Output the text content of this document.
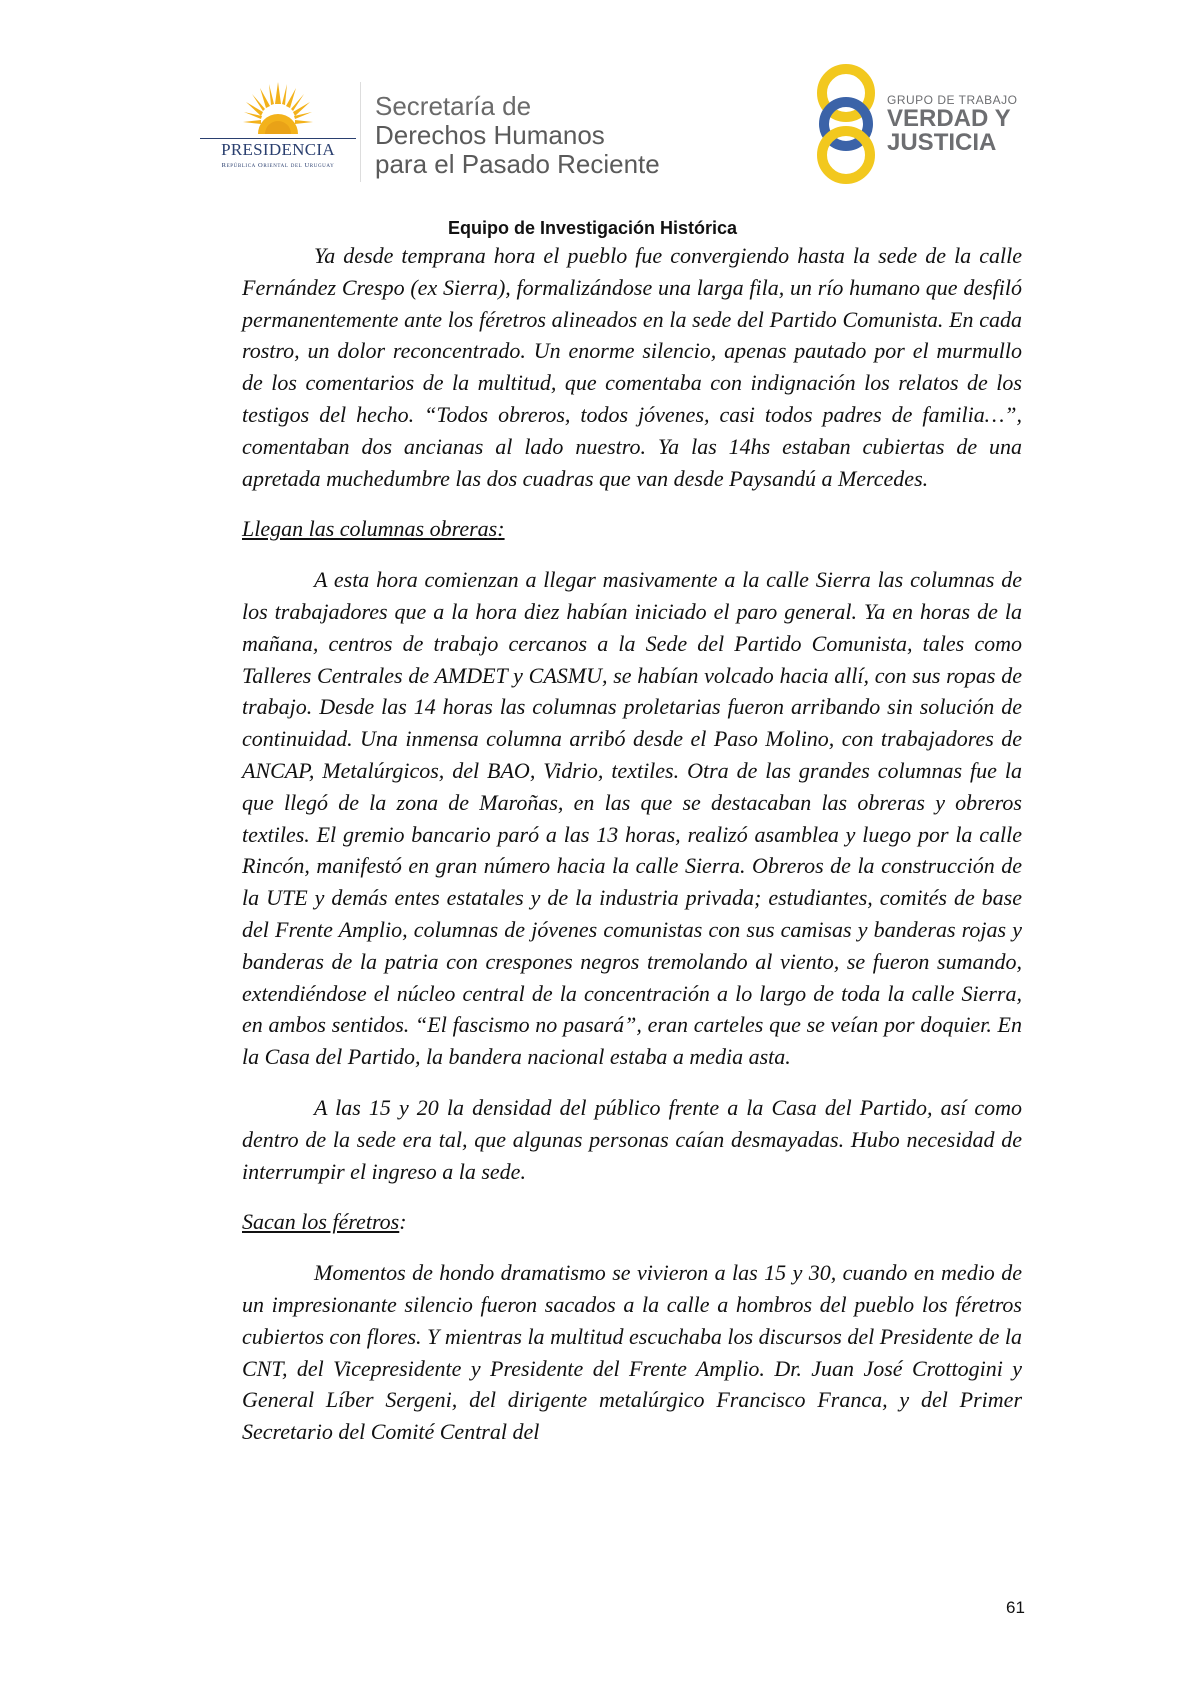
PRESIDENCIA
República Oriental del Uruguay
Secretaría de
Derechos Humanos
para el Pasado Reciente
GRUPO DE TRABAJO
VERDAD Y
JUSTICIA
Equipo de Investigación Histórica

Ya desde temprana hora el pueblo fue convergiendo hasta la sede de la calle Fernández Crespo (ex Sierra), formalizándose una larga fila, un río humano que desfiló permanentemente ante los féretros alineados en la sede del Partido Comunista. En cada rostro, un dolor reconcentrado. Un enorme silencio, apenas pautado por el murmullo de los comentarios de la multitud, que comentaba con indignación los relatos de los testigos del hecho. “Todos obreros, todos jóvenes, casi todos padres de familia…”, comentaban dos ancianas al lado nuestro. Ya las 14hs estaban cubiertas de una apretada muchedumbre las dos cuadras que van desde Paysandú a Mercedes.

Llegan las columnas obreras:

A esta hora comienzan a llegar masivamente a la calle Sierra las columnas de los trabajadores que a la hora diez habían iniciado el paro general. Ya en horas de la mañana, centros de trabajo cercanos a la Sede del Partido Comunista, tales como Talleres Centrales de AMDET y CASMU, se habían volcado hacia allí, con sus ropas de trabajo. Desde las 14 horas las columnas proletarias fueron arribando sin solución de continuidad. Una inmensa columna arribó desde el Paso Molino, con trabajadores de ANCAP, Metalúrgicos, del BAO, Vidrio, textiles. Otra de las grandes columnas fue la que llegó de la zona de Maroñas, en las que se destacaban las obreras y obreros textiles. El gremio bancario paró a las 13 horas, realizó asamblea y luego por la calle Rincón, manifestó en gran número hacia la calle Sierra. Obreros de la construcción de la UTE y demás entes estatales y de la industria privada; estudiantes, comités de base del Frente Amplio, columnas de jóvenes comunistas con sus camisas y banderas rojas y banderas de la patria con crespones negros tremolando al viento, se fueron sumando, extendiéndose el núcleo central de la concentración a lo largo de toda la calle Sierra, en ambos sentidos. “El fascismo no pasará”, eran carteles que se veían por doquier. En la Casa del Partido, la bandera nacional estaba a media asta.

A las 15 y 20 la densidad del público frente a la Casa del Partido, así como dentro de la sede era tal, que algunas personas caían desmayadas. Hubo necesidad de interrumpir el ingreso a la sede.

Sacan los féretros:

Momentos de hondo dramatismo se vivieron a las 15 y 30, cuando en medio de un impresionante silencio fueron sacados a la calle a hombros del pueblo los féretros cubiertos con flores. Y mientras la multitud escuchaba los discursos del Presidente de la CNT, del Vicepresidente y Presidente del Frente Amplio. Dr. Juan José Crottogini y General Líber Sergeni, del dirigente metalúrgico Francisco Franca, y del Primer Secretario del Comité Central del

61
